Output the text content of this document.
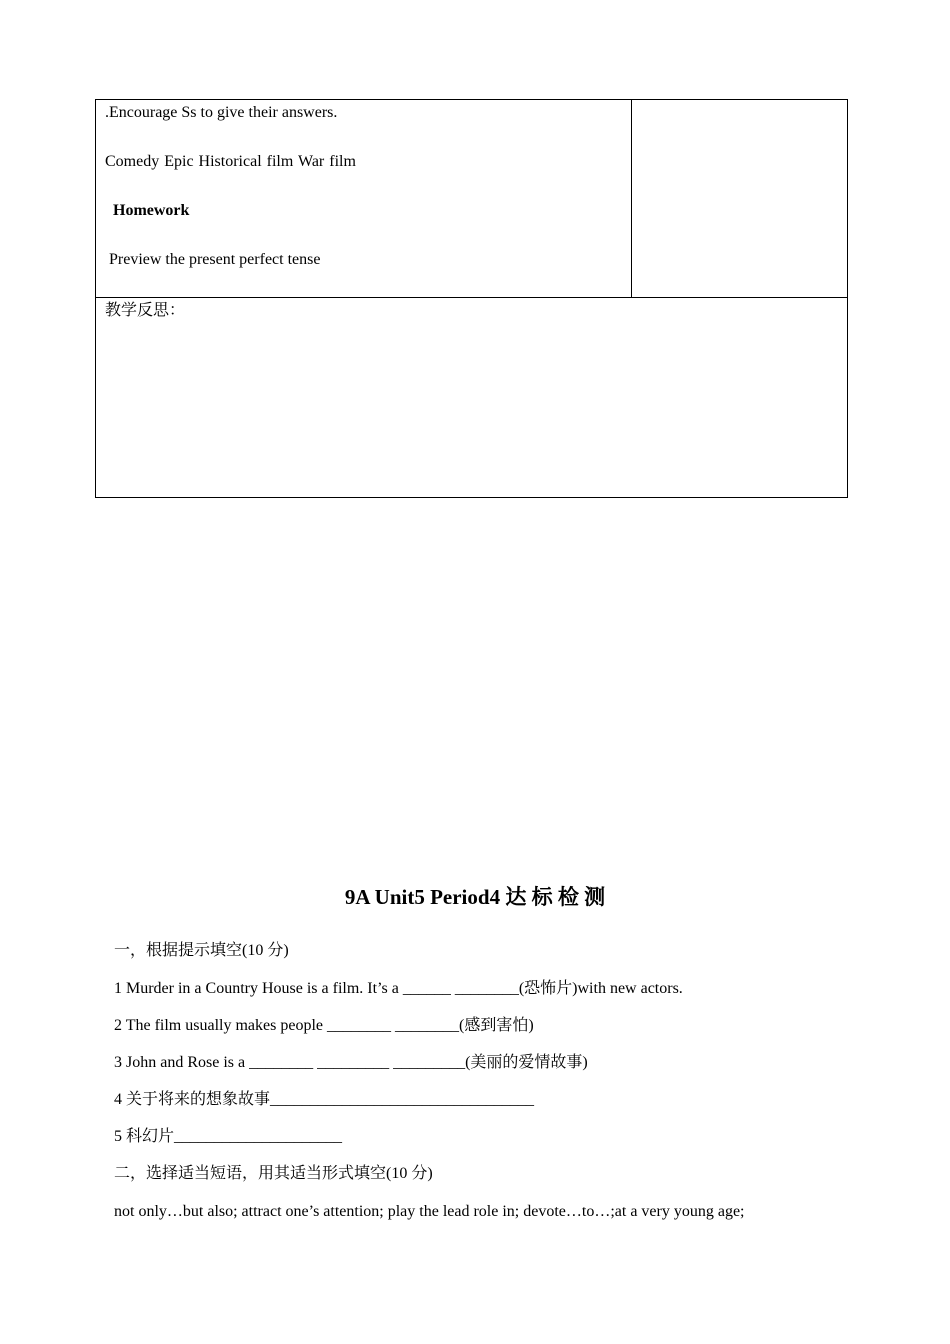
.Encourage Ss to give their answers.
Comedy Epic Historical film War film
Homework
Preview the present perfect tense
教学反思：
9A Unit5 Period4 达 标 检 测
一，根据提示填空(10 分)
1 Murder in a Country House is a film. It’s a ______ ________(恐怖片)with new actors.
2 The film usually makes people ________ ________(感到害怕)
3 John and Rose is a ________ _________ _________(美丽的爱情故事)
4 关于将来的想象故事_________________________________
5 科幻片_____________________
二，选择适当短语，用其适当形式填空(10 分)
not only…but also; attract one’s attention; play the lead role in; devote…to…;at a very young age;
